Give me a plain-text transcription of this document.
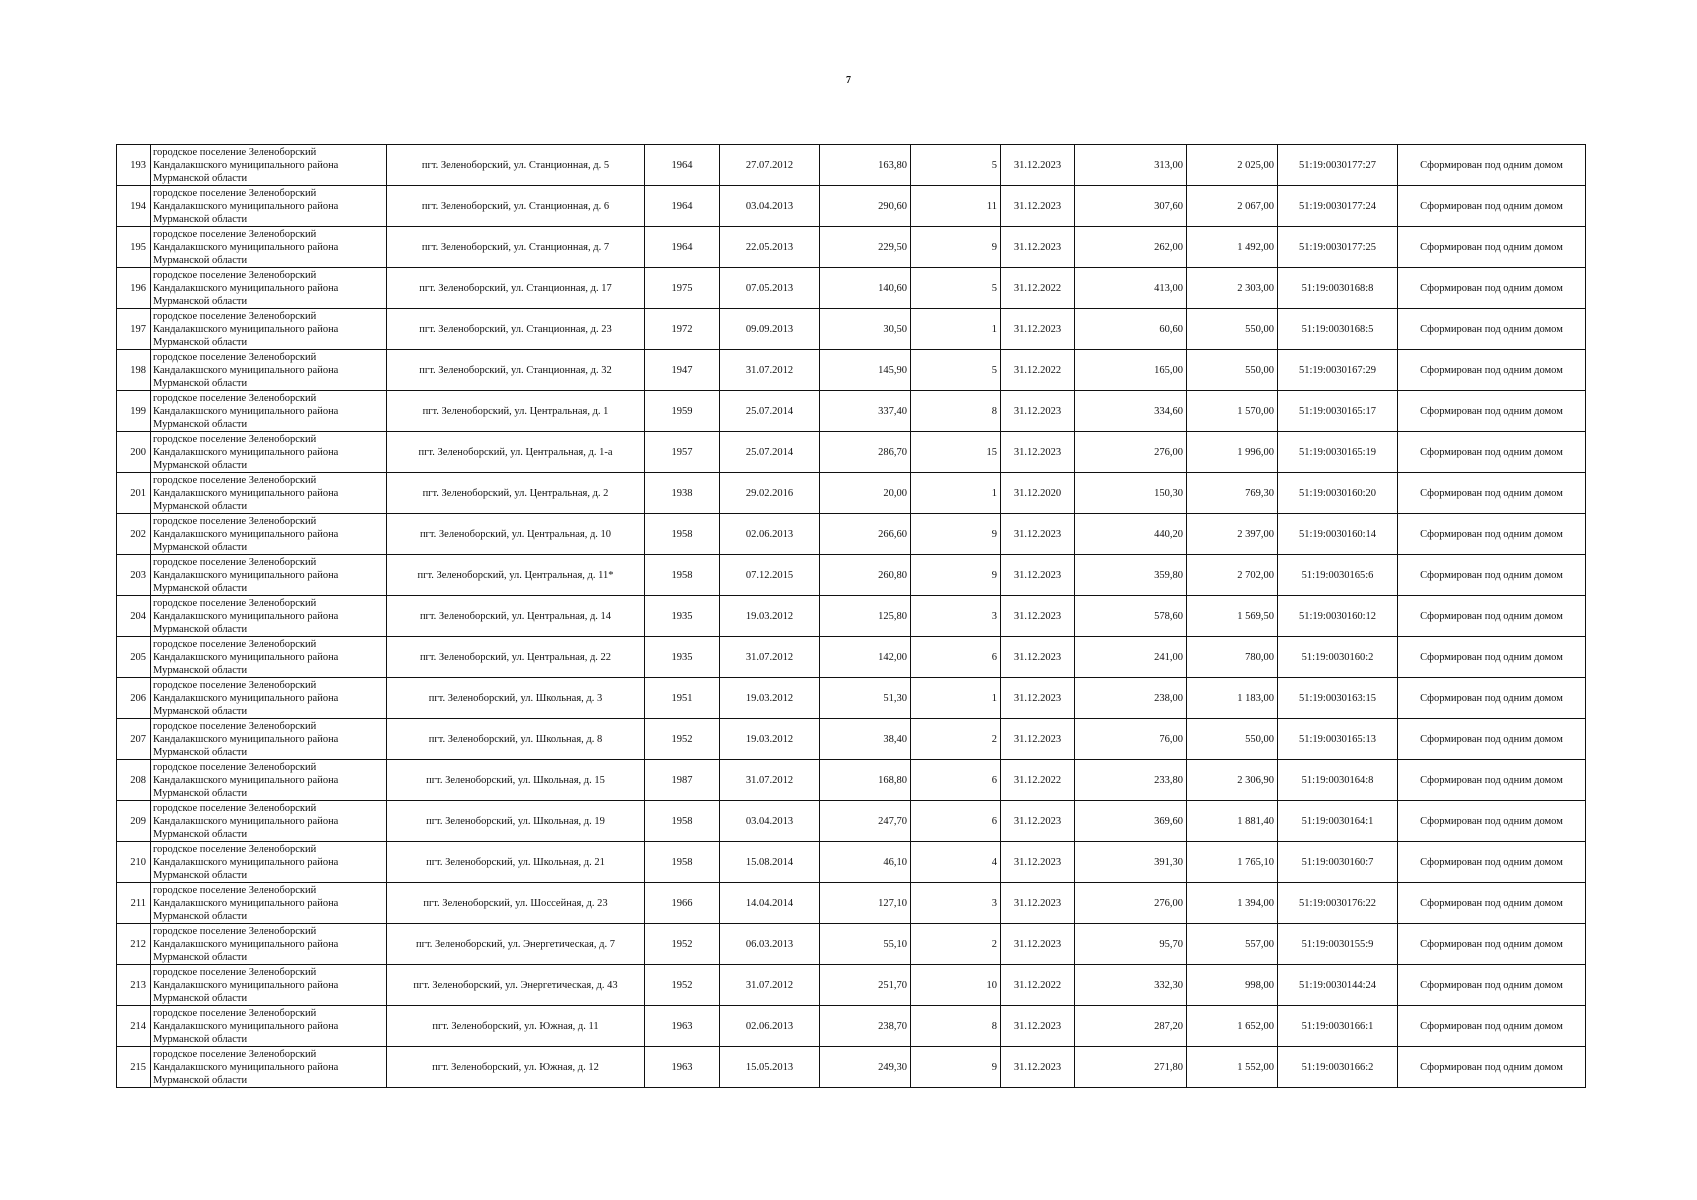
7
193	городское поселение Зеленоборский
Кандалакшского муниципального района
Мурманской области	пгт. Зеленоборский, ул. Станционная, д. 5	1964	27.07.2012	163,80	5	31.12.2023	313,00	2 025,00	51:19:0030177:27	Сформирован под одним домом
194	городское поселение Зеленоборский
Кандалакшского муниципального района
Мурманской области	пгт. Зеленоборский, ул. Станционная, д. 6	1964	03.04.2013	290,60	11	31.12.2023	307,60	2 067,00	51:19:0030177:24	Сформирован под одним домом
195	городское поселение Зеленоборский
Кандалакшского муниципального района
Мурманской области	пгт. Зеленоборский, ул. Станционная, д. 7	1964	22.05.2013	229,50	9	31.12.2023	262,00	1 492,00	51:19:0030177:25	Сформирован под одним домом
196	городское поселение Зеленоборский
Кандалакшского муниципального района
Мурманской области	пгт. Зеленоборский, ул. Станционная, д. 17	1975	07.05.2013	140,60	5	31.12.2022	413,00	2 303,00	51:19:0030168:8	Сформирован под одним домом
197	городское поселение Зеленоборский
Кандалакшского муниципального района
Мурманской области	пгт. Зеленоборский, ул. Станционная, д. 23	1972	09.09.2013	30,50	1	31.12.2023	60,60	550,00	51:19:0030168:5	Сформирован под одним домом
198	городское поселение Зеленоборский
Кандалакшского муниципального района
Мурманской области	пгт. Зеленоборский, ул. Станционная, д. 32	1947	31.07.2012	145,90	5	31.12.2022	165,00	550,00	51:19:0030167:29	Сформирован под одним домом
199	городское поселение Зеленоборский
Кандалакшского муниципального района
Мурманской области	пгт. Зеленоборский, ул. Центральная, д. 1	1959	25.07.2014	337,40	8	31.12.2023	334,60	1 570,00	51:19:0030165:17	Сформирован под одним домом
200	городское поселение Зеленоборский
Кандалакшского муниципального района
Мурманской области	пгт. Зеленоборский, ул. Центральная, д. 1-а	1957	25.07.2014	286,70	15	31.12.2023	276,00	1 996,00	51:19:0030165:19	Сформирован под одним домом
201	городское поселение Зеленоборский
Кандалакшского муниципального района
Мурманской области	пгт. Зеленоборский, ул. Центральная, д. 2	1938	29.02.2016	20,00	1	31.12.2020	150,30	769,30	51:19:0030160:20	Сформирован под одним домом
202	городское поселение Зеленоборский
Кандалакшского муниципального района
Мурманской области	пгт. Зеленоборский, ул. Центральная, д. 10	1958	02.06.2013	266,60	9	31.12.2023	440,20	2 397,00	51:19:0030160:14	Сформирован под одним домом
203	городское поселение Зеленоборский
Кандалакшского муниципального района
Мурманской области	пгт. Зеленоборский, ул. Центральная, д. 11*	1958	07.12.2015	260,80	9	31.12.2023	359,80	2 702,00	51:19:0030165:6	Сформирован под одним домом
204	городское поселение Зеленоборский
Кандалакшского муниципального района
Мурманской области	пгт. Зеленоборский, ул. Центральная, д. 14	1935	19.03.2012	125,80	3	31.12.2023	578,60	1 569,50	51:19:0030160:12	Сформирован под одним домом
205	городское поселение Зеленоборский
Кандалакшского муниципального района
Мурманской области	пгт. Зеленоборский, ул. Центральная, д. 22	1935	31.07.2012	142,00	6	31.12.2023	241,00	780,00	51:19:0030160:2	Сформирован под одним домом
206	городское поселение Зеленоборский
Кандалакшского муниципального района
Мурманской области	пгт. Зеленоборский, ул. Школьная, д. 3	1951	19.03.2012	51,30	1	31.12.2023	238,00	1 183,00	51:19:0030163:15	Сформирован под одним домом
207	городское поселение Зеленоборский
Кандалакшского муниципального района
Мурманской области	пгт. Зеленоборский, ул. Школьная, д. 8	1952	19.03.2012	38,40	2	31.12.2023	76,00	550,00	51:19:0030165:13	Сформирован под одним домом
208	городское поселение Зеленоборский
Кандалакшского муниципального района
Мурманской области	пгт. Зеленоборский, ул. Школьная, д. 15	1987	31.07.2012	168,80	6	31.12.2022	233,80	2 306,90	51:19:0030164:8	Сформирован под одним домом
209	городское поселение Зеленоборский
Кандалакшского муниципального района
Мурманской области	пгт. Зеленоборский, ул. Школьная, д. 19	1958	03.04.2013	247,70	6	31.12.2023	369,60	1 881,40	51:19:0030164:1	Сформирован под одним домом
210	городское поселение Зеленоборский
Кандалакшского муниципального района
Мурманской области	пгт. Зеленоборский, ул. Школьная, д. 21	1958	15.08.2014	46,10	4	31.12.2023	391,30	1 765,10	51:19:0030160:7	Сформирован под одним домом
211	городское поселение Зеленоборский
Кандалакшского муниципального района
Мурманской области	пгт. Зеленоборский, ул. Шоссейная, д. 23	1966	14.04.2014	127,10	3	31.12.2023	276,00	1 394,00	51:19:0030176:22	Сформирован под одним домом
212	городское поселение Зеленоборский
Кандалакшского муниципального района
Мурманской области	пгт. Зеленоборский, ул. Энергетическая, д. 7	1952	06.03.2013	55,10	2	31.12.2023	95,70	557,00	51:19:0030155:9	Сформирован под одним домом
213	городское поселение Зеленоборский
Кандалакшского муниципального района
Мурманской области	пгт. Зеленоборский, ул. Энергетическая, д. 43	1952	31.07.2012	251,70	10	31.12.2022	332,30	998,00	51:19:0030144:24	Сформирован под одним домом
214	городское поселение Зеленоборский
Кандалакшского муниципального района
Мурманской области	пгт. Зеленоборский, ул. Южная, д. 11	1963	02.06.2013	238,70	8	31.12.2023	287,20	1 652,00	51:19:0030166:1	Сформирован под одним домом
215	городское поселение Зеленоборский
Кандалакшского муниципального района
Мурманской области	пгт. Зеленоборский, ул. Южная, д. 12	1963	15.05.2013	249,30	9	31.12.2023	271,80	1 552,00	51:19:0030166:2	Сформирован под одним домом
